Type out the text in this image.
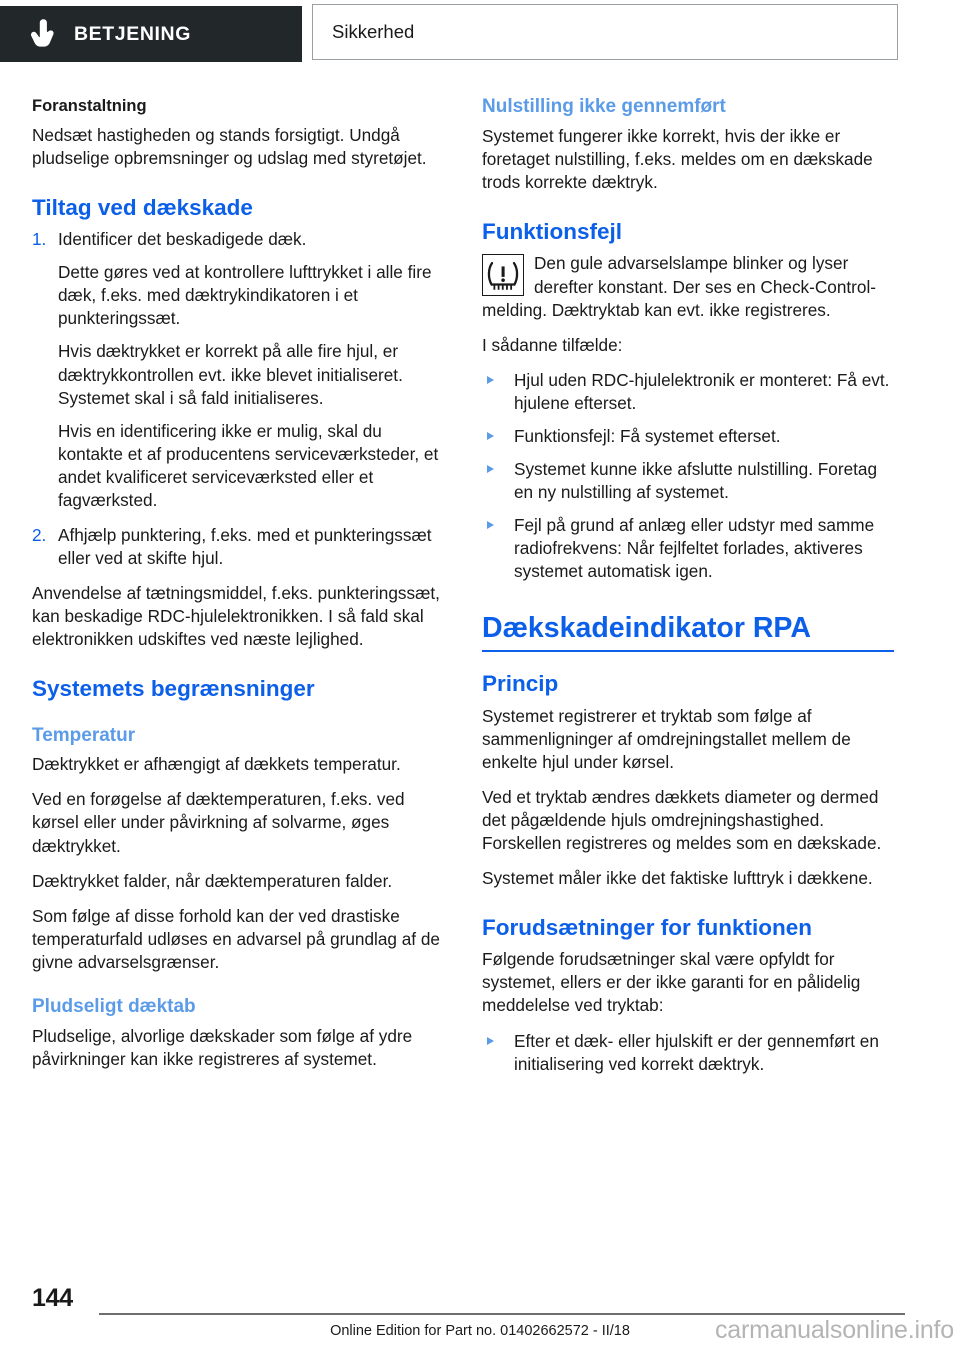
BETJENING	Sikkerhed
Foranstaltning

Nedsæt hastigheden og stands forsigtigt. Undgå pludselige opbremsninger og udslag med styretøjet.

Tiltag ved dækskade
1. Identificer det beskadigede dæk.
Dette gøres ved at kontrollere lufttrykket i alle fire dæk, f.eks. med dæktrykindikatoren i et punkteringssæt.
Hvis dæktrykket er korrekt på alle fire hjul, er dæktrykkontrollen evt. ikke blevet initialiseret. Systemet skal i så fald initialiseres.
Hvis en identificering ikke er mulig, skal du kontakte et af producentens serviceværksteder, et andet kvalificeret serviceværksted eller et fagværksted.
2. Afhjælp punktering, f.eks. med et punkteringssæt eller ved at skifte hjul.

Anvendelse af tætningsmiddel, f.eks. punkteringssæt, kan beskadige RDC-hjulelektronikken. I så fald skal elektronikken udskiftes ved næste lejlighed.

Systemets begrænsninger
Temperatur

Dæktrykket er afhængigt af dækkets temperatur.

Ved en forøgelse af dæktemperaturen, f.eks. ved kørsel eller under påvirkning af solvarme, øges dæktrykket.

Dæktrykket falder, når dæktemperaturen falder.

Som følge af disse forhold kan der ved drastiske temperaturfald udløses en advarsel på grundlag af de givne advarselsgrænser.

Pludseligt dæktab

Pludselige, alvorlige dækskader som følge af ydre påvirkninger kan ikke registreres af systemet.

Nulstilling ikke gennemført

Systemet fungerer ikke korrekt, hvis der ikke er foretaget nulstilling, f.eks. meldes om en dækskade trods korrekte dæktryk.

Funktionsfejl
Den gule advarselslampe blinker og lyser derefter konstant. Der ses en Check-Control-melding. Dæktryktab kan evt. ikke registreres.

I sådanne tilfælde:

Hjul uden RDC-hjulelektronik er monteret: Få evt. hjulene efterset.
Funktionsfejl: Få systemet efterset.
Systemet kunne ikke afslutte nulstilling. Foretag en ny nulstilling af systemet.
Fejl på grund af anlæg eller udstyr med samme radiofrekvens: Når fejlfeltet forlades, aktiveres systemet automatisk igen.
Dækskadeindikator RPA
Princip

Systemet registrerer et tryktab som følge af sammenligninger af omdrejningstallet mellem de enkelte hjul under kørsel.

Ved et tryktab ændres dækkets diameter og dermed det pågældende hjuls omdrejningshastighed. Forskellen registreres og meldes som en dækskade.

Systemet måler ikke det faktiske lufttryk i dækkene.

Forudsætninger for funktionen

Følgende forudsætninger skal være opfyldt for systemet, ellers er der ikke garanti for en pålidelig meddelelse ved tryktab:

Efter et dæk- eller hjulskift er der gennemført en initialisering ved korrekt dæktryk.
144
Online Edition for Part no. 01402662572 - II/18	carmanualsonline.info
